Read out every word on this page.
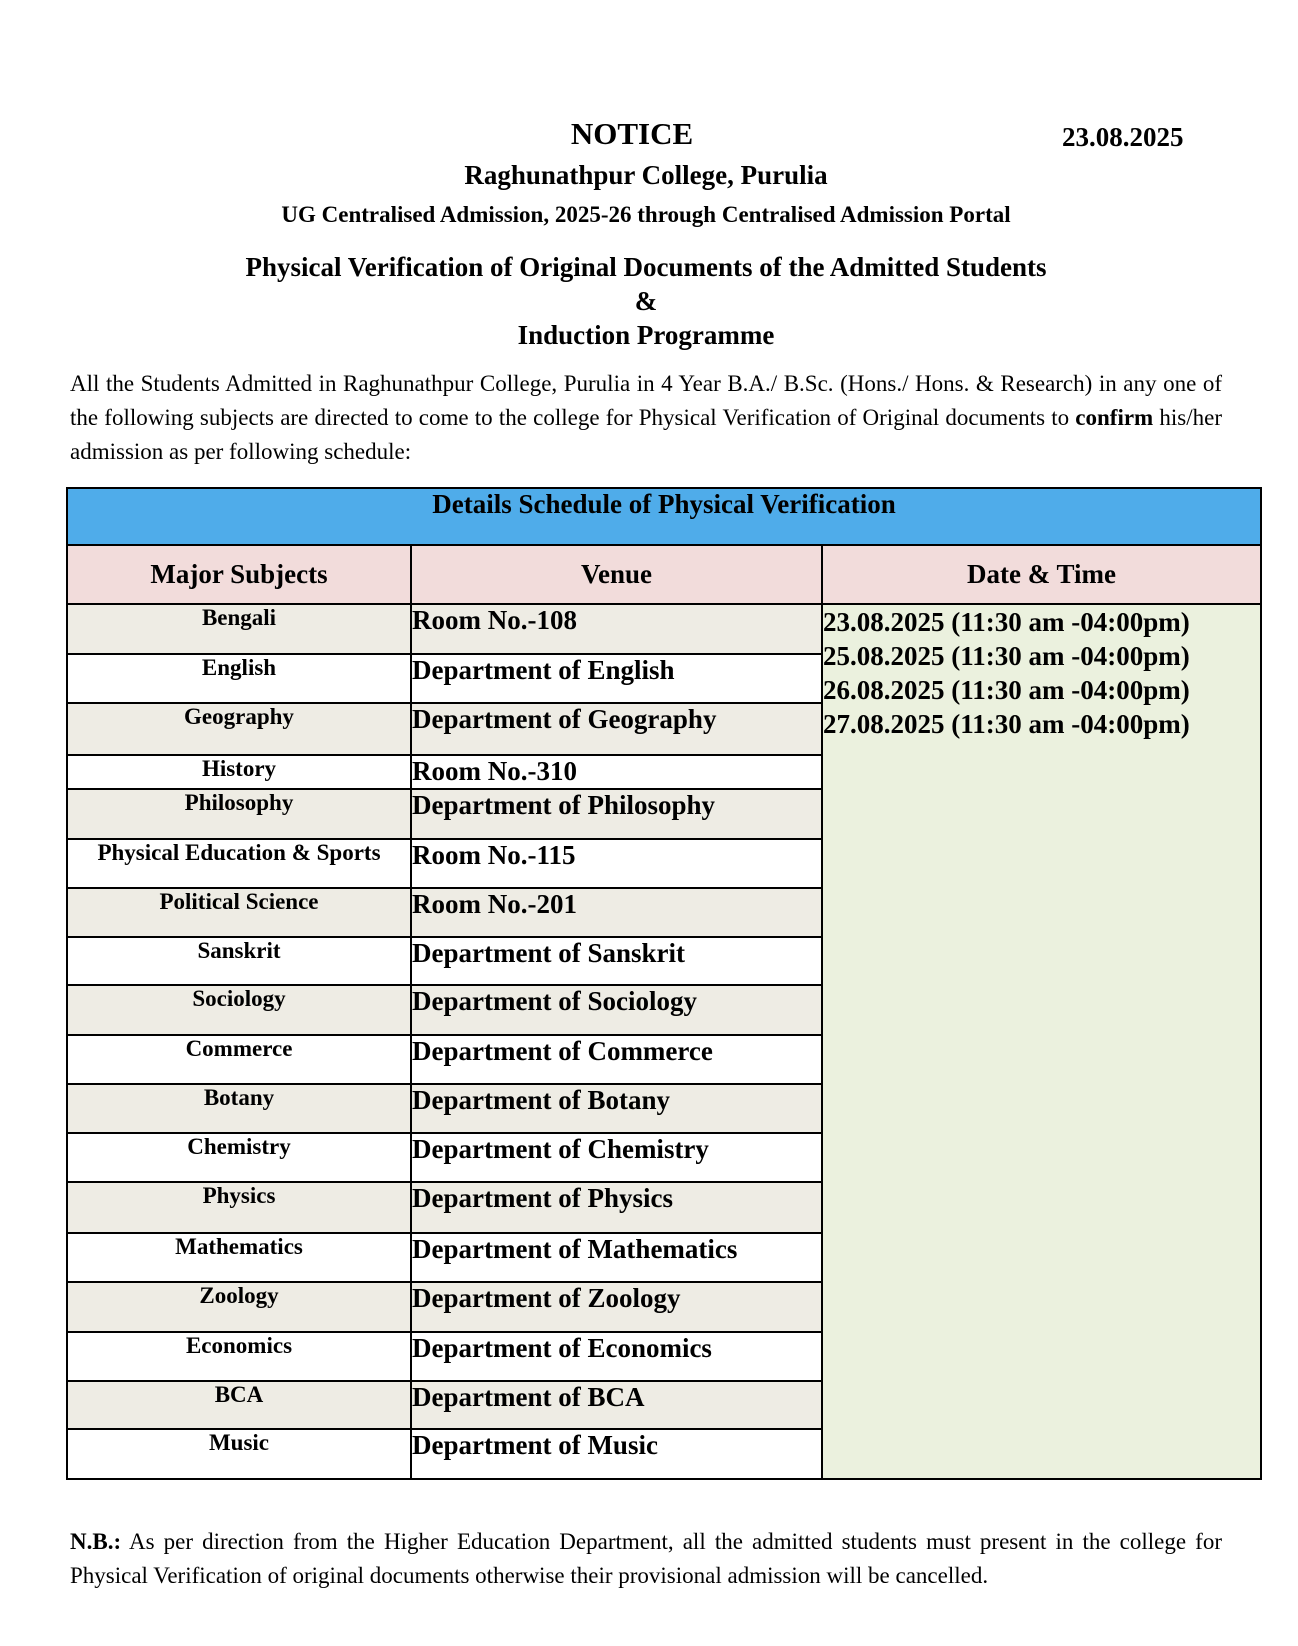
NOTICE	23.08.2025
Raghunathpur College, Purulia
UG Centralised Admission, 2025-26 through Centralised Admission Portal
Physical Verification of Original Documents of the Admitted Students
&
Induction Programme
All the Students Admitted in Raghunathpur College, Purulia in 4 Year B.A./ B.Sc. (Hons./ Hons. & Research) in any one of the following subjects are directed to come to the college for Physical Verification of Original documents to confirm his/her admission as per following schedule:
Details Schedule of Physical Verification		
Major Subjects	Venue	Date & Time
Bengali	Room No.-108	23.08.2025 (11:30 am -04:00pm)
25.08.2025 (11:30 am -04:00pm)
26.08.2025 (11:30 am -04:00pm)
27.08.2025 (11:30 am -04:00pm)

English	Department of English	
Geography	Department of Geography	
History	Room No.-310	
Philosophy	Department of Philosophy	
Physical Education & Sports	Room No.-115	
Political Science	Room No.-201	
Sanskrit	Department of Sanskrit	
Sociology	Department of Sociology	
Commerce	Department of Commerce	
Botany	Department of Botany	
Chemistry	Department of Chemistry	
Physics	Department of Physics	
Mathematics	Department of Mathematics	
Zoology	Department of Zoology	
Economics	Department of Economics	
BCA	Department of BCA	
Music	Department of Music	
N.B.: As per direction from the Higher Education Department, all the admitted students must present in the college for Physical Verification of original documents otherwise their provisional admission will be cancelled.
